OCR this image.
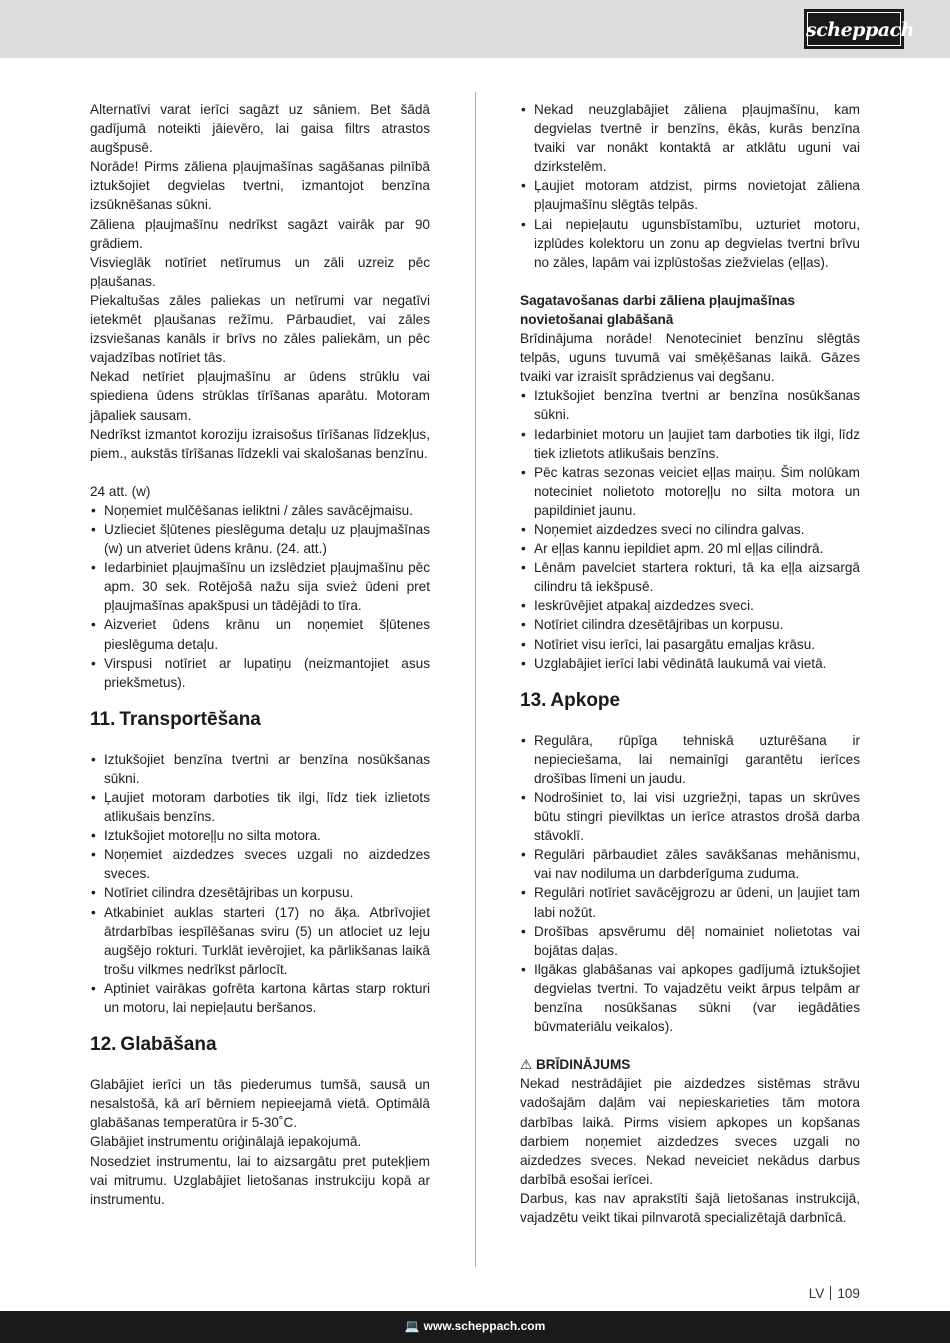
scheppach

Alternatīvi varat ierīci sagāzt uz sāniem. Bet šādā gadījumā noteikti jāievēro, lai gaisa filtrs atrastos augšpusē.

Norāde! Pirms zāliena pļaujmašīnas sagāšanas pilnībā iztukšojiet degvielas tvertni, izmantojot benzīna izsūknēšanas sūkni.

Zāliena pļaujmašīnu nedrīkst sagāzt vairāk par 90 grādiem.

Visvieglāk notīriet netīrumus un zāli uzreiz pēc pļaušanas.

Piekaltušas zāles paliekas un netīrumi var negatīvi ietekmēt pļaušanas režīmu. Pārbaudiet, vai zāles izsviešanas kanāls ir brīvs no zāles paliekām, un pēc vajadzības notīriet tās.

Nekad netīriet pļaujmašīnu ar ūdens strūklu vai spiediena ūdens strūklas tīrīšanas aparātu. Motoram jāpaliek sausam.

Nedrīkst izmantot koroziju izraisošus tīrīšanas līdzekļus, piem., aukstās tīrīšanas līdzekli vai skalošanas benzīnu.

24 att. (w)

• Noņemiet mulčēšanas ieliktni / zāles savācējmaisu.
• Uzlieciet šļūtenes pieslēguma detaļu uz pļaujmašīnas (w) un atveriet ūdens krānu. (24. att.)
• Iedarbiniet pļaujmašīnu un izslēdziet pļaujmašīnu pēc apm. 30 sek. Rotējošā nažu sija svież ūdeni pret pļaujmašīnas apakšpusi un tādējādi to tīra.
• Aizveriet ūdens krānu un noņemiet šļūtenes pieslēguma detaļu.
• Virspusi notīriet ar lupatiņu (neizmantojiet asus priekšmetus).
11. Transportēšana
• Iztukšojiet benzīna tvertni ar benzīna nosūkšanas sūkni.
• Ļaujiet motoram darboties tik ilgi, līdz tiek izlietots atlikušais benzīns.
• Iztukšojiet motoreļļu no silta motora.
• Noņemiet aizdedzes sveces uzgali no aizdedzes sveces.
• Notīriet cilindra dzesētājribas un korpusu.
• Atkabiniet auklas starteri (17) no āķa. Atbrīvojiet ātrdarbības iespīlēšanas sviru (5) un atlociet uz leju augšējo rokturi. Turklāt ievērojiet, ka pārlikšanas laikā trošu vilkmes nedrīkst pārlocīt.
• Aptiniet vairākas gofrēta kartona kārtas starp rokturi un motoru, lai nepieļautu beršanos.
12. Glabāšana

Glabājiet ierīci un tās piederumus tumšā, sausā un nesalstošā, kā arī bērniem nepieejamā vietā. Optimālā glabāšanas temperatūra ir 5-30˚C.

Glabājiet instrumentu oriģinālajā iepakojumā.

Nosedziet instrumentu, lai to aizsargātu pret putekļiem vai mitrumu. Uzglabājiet lietošanas instrukciju kopā ar instrumentu.

• Nekad neuzglabājiet zāliena pļaujmašīnu, kam degvielas tvertnē ir benzīns, ēkās, kurās benzīna tvaiki var nonākt kontaktā ar atklātu uguni vai dzirkstelēm.
• Ļaujiet motoram atdzist, pirms novietojat zāliena pļaujmašīnu slēgtās telpās.
• Lai nepieļautu ugunsbīstamību, uzturiet motoru, izplūdes kolektoru un zonu ap degvielas tvertni brīvu no zāles, lapām vai izplūstošas ziežvielas (eļļas).

Sagatavošanas darbi zāliena pļaujmašīnas novietošanai glabāšanā

Brīdinājuma norāde! Nenoteciniet benzīnu slēgtās telpās, uguns tuvumā vai smēķēšanas laikā. Gāzes tvaiki var izraisīt sprādzienus vai degšanu.

• Iztukšojiet benzīna tvertni ar benzīna nosūkšanas sūkni.
• Iedarbiniet motoru un ļaujiet tam darboties tik ilgi, līdz tiek izlietots atlikušais benzīns.
• Pēc katras sezonas veiciet eļļas maiņu. Šim nolūkam noteciniet nolietoto motoreļļu no silta motora un papildiniet jaunu.
• Noņemiet aizdedzes sveci no cilindra galvas.
• Ar eļļas kannu iepildiet apm. 20 ml eļļas cilindrā.
• Lēnām pavelciet startera rokturi, tā ka eļļa aizsargā cilindru tā iekšpusē.
• Ieskrūvējiet atpakaļ aizdedzes sveci.
• Notīriet cilindra dzesētājribas un korpusu.
• Notīriet visu ierīci, lai pasargātu emaljas krāsu.
• Uzglabājiet ierīci labi vēdinātā laukumā vai vietā.
13. Apkope
• Regulāra, rūpīga tehniskā uzturēšana ir nepieciešama, lai nemainīgi garantētu ierīces drošības līmeni un jaudu.
• Nodrošiniet to, lai visi uzgriežņi, tapas un skrūves būtu stingri pievilktas un ierīce atrastos drošā darba stāvoklī.
• Regulāri pārbaudiet zāles savākšanas mehānismu, vai nav nodiluma un darbderīguma zuduma.
• Regulāri notīriet savācējgrozu ar ūdeni, un ļaujiet tam labi nožūt.
• Drošības apsvērumu dēļ nomainiet nolietotas vai bojātas daļas.
• Ilgākas glabāšanas vai apkopes gadījumā iztukšojiet degvielas tvertni. To vajadzētu veikt ārpus telpām ar benzīna nosūkšanas sūkni (var iegādāties būvmateriālu veikalos).

⚠ BRĪDINĀJUMS

Nekad nestrādājiet pie aizdedzes sistēmas strāvu vadošajām daļām vai nepieskarieties tām motora darbības laikā. Pirms visiem apkopes un kopšanas darbiem noņemiet aizdedzes sveces uzgali no aizdedzes sveces. Nekad neveiciet nekādus darbus darbībā esošai ierīcei.

Darbus, kas nav aprakstīti šajā lietošanas instrukcijā, vajadzētu veikt tikai pilnvarotā specializētajā darbnīcā.

LV 109
💻 www.scheppach.com
